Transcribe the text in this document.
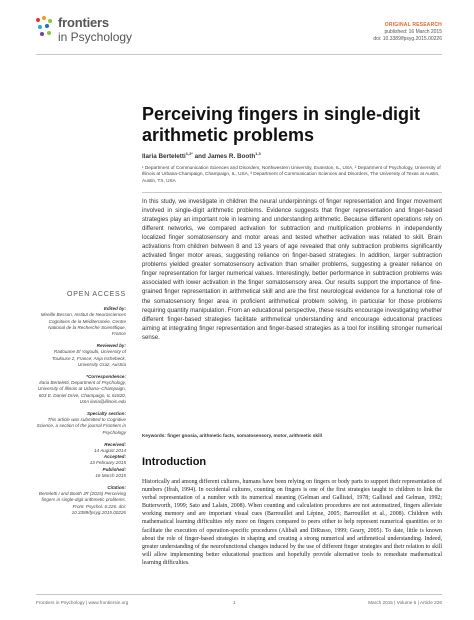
frontiers
in Psychology
ORIGINAL RESEARCH
published: 16 March 2015
doi: 10.3389/fpsyg.2015.00226
Perceiving fingers in single-digit arithmetic problems
Ilaria Berteletti$^{1,2*}$ and James R. Booth$^{1,3}$

¹ Department of Communication Sciences and Disorders, Northwestern University, Evanston, IL, USA, ² Department of Psychology, University of Illinois at Urbana-Champaign, Champaign, IL, USA, ³ Department of Communication Sciences and Disorders, The University of Texas at Austin, Austin, TX, USA

In this study, we investigate in children the neural underpinnings of finger representation and finger movement involved in single-digit arithmetic problems. Evidence suggests that finger representation and finger-based strategies play an important role in learning and understanding arithmetic. Because different operations rely on different networks, we compared activation for subtraction and multiplication problems in independently localized finger somatosensory and motor areas and tested whether activation was related to skill. Brain activations from children between 8 and 13 years of age revealed that only subtraction problems significantly activated finger motor areas, suggesting reliance on finger-based strategies. In addition, larger subtraction problems yielded greater somatosensory activation than smaller problems, suggesting a greater reliance on finger representation for larger numerical values. Interestingly, better performance in subtraction problems was associated with lower activation in the finger somatosensory area. Our results support the importance of fine-grained finger representation in arithmetical skill and are the first neurological evidence for a functional role of the somatosensory finger area in proficient arithmetical problem solving, in particular for those problems requiring quantity manipulation. From an educational perspective, these results encourage investigating whether different finger-based strategies facilitate arithmetical understanding and encourage educational practices aiming at integrating finger representation and finger-based strategies as a tool for instilling stronger numerical sense.

Keywords: finger gnosia, arithmetic facts, somatosensory, motor, arithmetic skill
Introduction

Historically and among different cultures, humans have been relying on fingers or body parts to support their representation of numbers (Ifrah, 1994). In occidental cultures, counting on fingers is one of the first strategies taught to children to link the verbal representation of a number with its numerical meaning (Gelman and Gallistel, 1978; Gallistel and Gelman, 1992; Butterworth, 1999; Sato and Lalain, 2008). When counting and calculation procedures are not automatized, fingers alleviate working memory and are important visual cues (Barrouillet and Lépine, 2005; Barrouillet et al., 2008). Children with mathematical learning difficulties rely more on fingers compared to peers either to help represent numerical quantities or to facilitate the execution of operation-specific procedures (Alibali and DiRusso, 1999; Geary, 2005). To date, little is known about the role of finger-based strategies in shaping and creating a strong numerical and arithmetical understanding. Indeed, greater understanding of the neurofunctional changes induced by the use of different finger strategies and their relation to skill will allow implementing better educational practices and hopefully provide alternative tools to remediate mathematical learning difficulties.

OPEN ACCESS
Edited by:
Mireille Besson, Institut de Neurosciences Cognitives de la Méditerranée, Centre National de la Recherche Scientifique, France
Reviewed by:
Radouane El Yagoubi, University of Toulouse 2, France; Anja Ischebeck, University Graz, Austria
*Correspondence:
Ilaria Berteletti, Department of Psychology, University of Illinois at Urbana–Champaign, 603 E. Daniel Drive, Champaign, IL 61820, USA ilaria@illinois.edu
Specialty section:
This article was submitted to Cognitive Science, a section of the journal Frontiers in Psychology
Received:
14 August 2014
Accepted:
13 February 2015
Published:
16 March 2015
Citation:
Berteletti I and Booth JR (2015) Perceiving fingers in single-digit arithmetic problems. Front. Psychol. 6:226. doi: 10.3389/fpsyg.2015.00226
Frontiers in Psychology | www.frontiersin.org	1	March 2015 | Volume 6 | Article 226
